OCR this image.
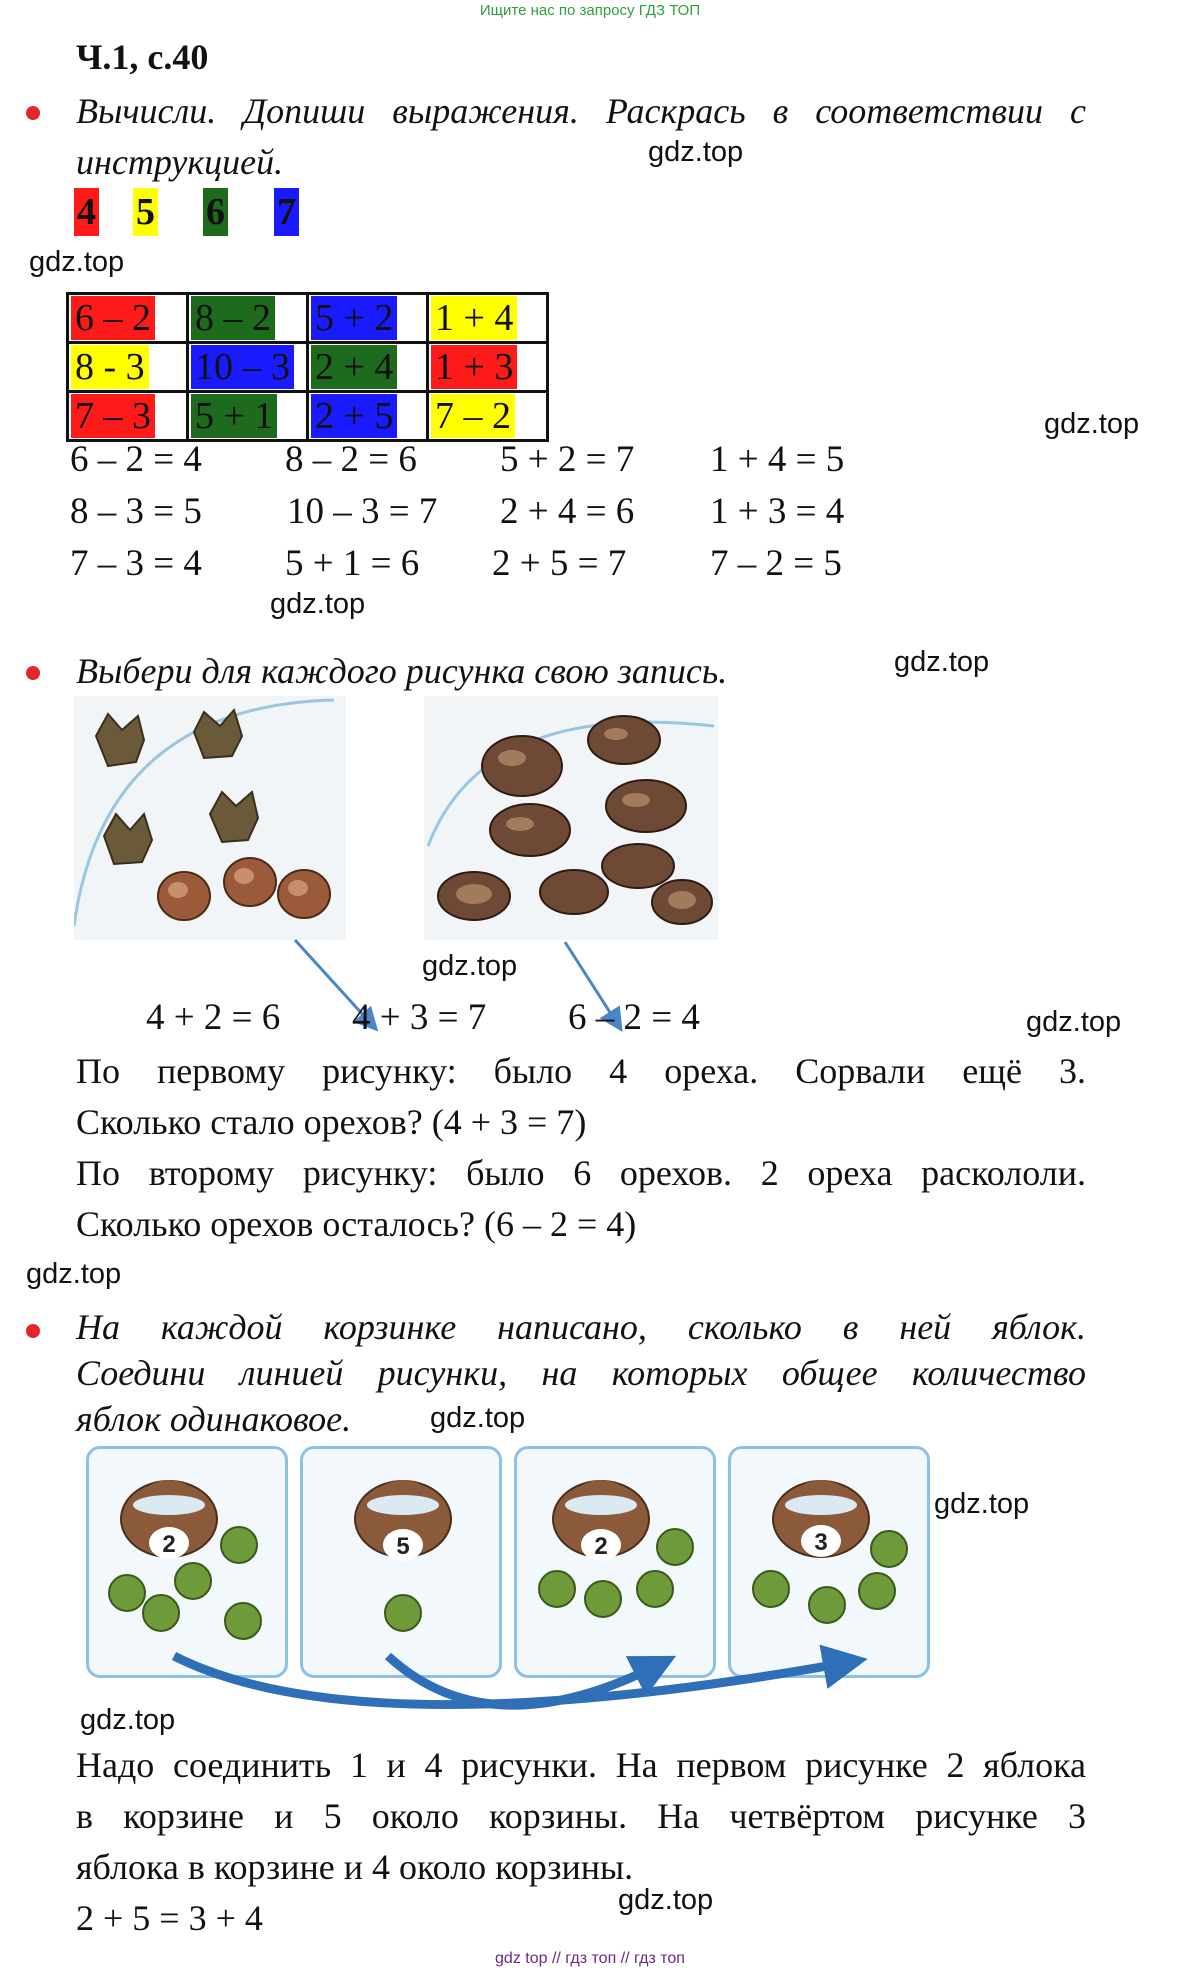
Ищите нас по запросу ГДЗ ТОП
Ч.1, с.40
Вычисли. Допиши выражения. Раскрась в соответствии с
инструкцией.	gdz.top
4 5 6 7
gdz.top
6 – 2	8 – 2	5 + 2	1 + 4
8 - 3	10 – 3	2 + 4	1 + 3
7 – 3	5 + 1	2 + 5	7 – 2	gdz.top
6 – 2 = 4 8 – 2 = 6 5 + 2 = 7 1 + 4 = 5
8 – 3 = 5 10 – 3 = 7 2 + 4 = 6 1 + 3 = 4
7 – 3 = 4 5 + 1 = 6 2 + 5 = 7 7 – 2 = 5
gdz.top
Выбери для каждого рисунка свою запись.	gdz.top
gdz.top
4 + 2 = 6 4 + 3 = 7 6 – 2 = 4	gdz.top
По первому рисунку: было 4 ореха. Сорвали ещё 3.
Сколько стало орехов? (4 + 3 = 7)
По второму рисунку: было 6 орехов. 2 ореха раскололи.
Сколько орехов осталось? (6 – 2 = 4)
gdz.top
На каждой корзинке написано, сколько в ней яблок.
Соедини линией рисунки, на которых общее количество
яблок одинаковое.	gdz.top
2	5	2	3
gdz.top
gdz.top
Надо соединить 1 и 4 рисунки. На первом рисунке 2 яблока
в корзине и 5 около корзины. На четвёртом рисунке 3
яблока в корзине и 4 около корзины.
2 + 5 = 3 + 4	gdz.top
gdz top // гдз топ // гдз топ
